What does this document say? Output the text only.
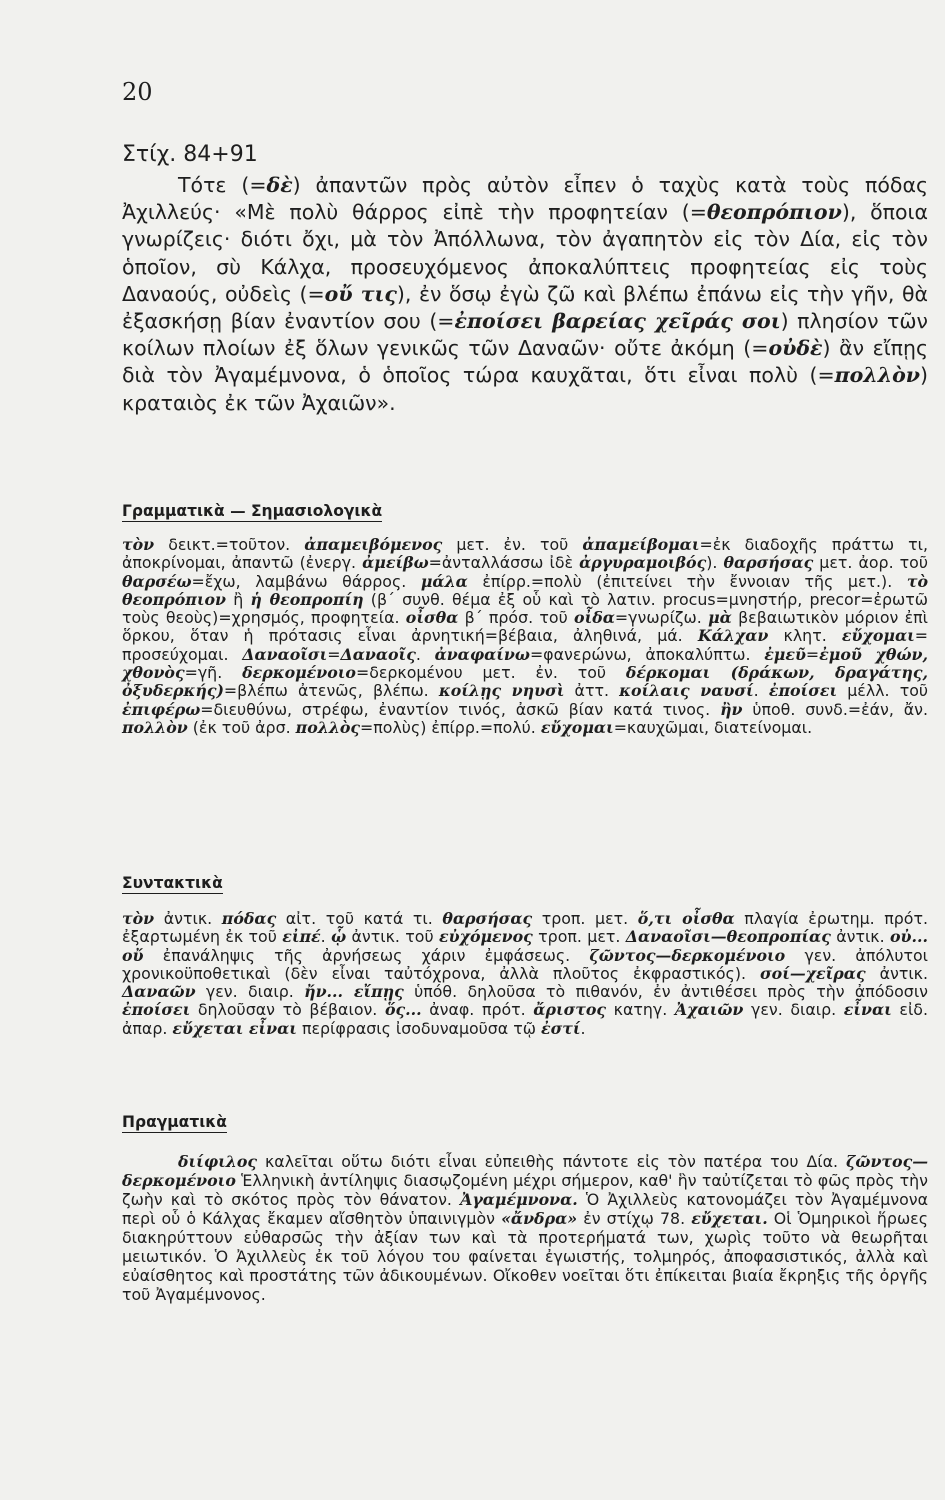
20
Στίχ. 84+91

Τότε (=δὲ) ἀπαντῶν πρὸς αὐτὸν εἶπεν ὁ ταχὺς κατὰ τοὺς πόδας Ἀχιλλεύς· «Μὲ πολὺ θάρρος εἰπὲ τὴν προφητείαν (=θεοπρόπιον), ὅποια γνωρίζεις· διότι ὄχι, μὰ τὸν Ἀπόλλωνα, τὸν ἀγαπητὸν εἰς τὸν Δία, εἰς τὸν ὁποῖον, σὺ Κάλχα, προσευχόμενος ἀποκαλύπτεις προφητείας εἰς τοὺς Δαναούς, οὐδεὶς (=οὔ τις), ἐν ὅσῳ ἐγὼ ζῶ καὶ βλέπω ἐπάνω εἰς τὴν γῆν, θὰ ἐξασκήσῃ βίαν ἐναντίον σου (=ἐποίσει βαρείας χεῖράς σοι) πλησίον τῶν κοίλων πλοίων ἐξ ὅλων γενικῶς τῶν Δαναῶν· οὔτε ἀκόμη (=οὐδὲ) ἂν εἴπῃς διὰ τὸν Ἀγαμέμνονα, ὁ ὁποῖος τώρα καυχᾶται, ὅτι εἶναι πολὺ (=πολλὸν) κραταιὸς ἐκ τῶν Ἀχαιῶν».

Γραμματικὰ — Σημασιολογικὰ

τὸν δεικτ.=τοῦτον. ἀπαμειβόμενος μετ. ἐν. τοῦ ἀπαμείβομαι=ἐκ διαδοχῆς πράττω τι, ἀποκρίνομαι, ἀπαντῶ (ἐνεργ. ἀμείβω=ἀνταλλάσσω ἰδὲ ἀργυραμοιβός). θαρσήσας μετ. ἀορ. τοῦ θαρσέω=ἔχω, λαμβάνω θάρρος. μάλα ἐπίρρ.=πολὺ (ἐπιτείνει τὴν ἔννοιαν τῆς μετ.). τὸ θεοπρόπιον ἢ ἡ θεοπροπίη (β΄ συνθ. θέμα ἐξ οὗ καὶ τὸ λατιν. procus=μνηστήρ, precor=ἐρωτῶ τοὺς θεοὺς)=χρησμός, προφητεία. οἶσθα β΄ πρόσ. τοῦ οἶδα=γνωρίζω. μὰ βεβαιωτικὸν μόριον ἐπὶ ὅρκου, ὅταν ἡ πρότασις εἶναι ἀρνητική=βέβαια, ἀληθινά, μά. Κάλχαν κλητ. εὔχομαι= προσεύχομαι. Δαναοῖσι=Δαναοῖς. ἀναφαίνω=φανερώνω, ἀποκαλύπτω. ἐμεῦ=ἐμοῦ χθών, χθονὸς=γῆ. δερκομένοιο=δερκομένου μετ. ἐν. τοῦ δέρκομαι (δράκων, δραγάτης, ὀξυδερκής)=βλέπω ἀτενῶς, βλέπω. κοίλῃς νηυσὶ ἀττ. κοίλαις ναυσί. ἐποίσει μέλλ. τοῦ ἐπιφέρω=διευθύνω, στρέφω, ἐναντίον τινός, ἀσκῶ βίαν κατά τινος. ἢν ὑποθ. συνδ.=ἐάν, ἄν. πολλὸν (ἐκ τοῦ ἀρσ. πολλὸς=πολὺς) ἐπίρρ.=πολύ. εὔχομαι=καυχῶμαι, διατείνομαι.

Συντακτικὰ

τὸν ἀντικ. πόδας αἰτ. τοῦ κατά τι. θαρσήσας τροπ. μετ. ὅ,τι οἶσθα πλαγία ἐρωτημ. πρότ. ἐξαρτωμένη ἐκ τοῦ εἰπέ. ᾧ ἀντικ. τοῦ εὐχόμενος τροπ. μετ. Δαναοῖσι—θεοπροπίας ἀντικ. οὐ... οὔ ἐπανάληψις τῆς ἀρνήσεως χάριν ἐμφάσεως. ζῶντος—δερκομένοιο γεν. ἀπόλυτοι χρονικοϋποθετικαὶ (δὲν εἶναι ταὐτόχρονα, ἀλλὰ πλοῦτος ἐκφραστικός). σοί—χεῖρας ἀντικ. Δαναῶν γεν. διαιρ. ἤν... εἴπῃς ὑπόθ. δηλοῦσα τὸ πιθανόν, ἐν ἀντιθέσει πρὸς τὴν ἀπόδοσιν ἐποίσει δηλοῦσαν τὸ βέβαιον. ὅς... ἀναφ. πρότ. ἄριστος κατηγ. Ἀχαιῶν γεν. διαιρ. εἶναι εἰδ. ἀπαρ. εὔχεται εἶναι περίφρασις ἰσοδυναμοῦσα τῷ ἐστί.

Πραγματικὰ

διίφιλος καλεῖται οὕτω διότι εἶναι εὐπειθὴς πάντοτε εἰς τὸν πατέρα του Δία. ζῶντος—δερκομένοιο Ἑλληνικὴ ἀντίληψις διασῳζομένη μέχρι σήμερον, καθ' ἣν ταὐτίζεται τὸ φῶς πρὸς τὴν ζωὴν καὶ τὸ σκότος πρὸς τὸν θάνατον. Ἀγαμέμνονα. Ὁ Ἀχιλλεὺς κατονομάζει τὸν Ἀγαμέμνονα περὶ οὗ ὁ Κάλχας ἔκαμεν αἴσθητὸν ὑπαινιγμὸν «ἄνδρα» ἐν στίχῳ 78. εὔχεται. Οἱ Ὁμηρικοὶ ἥρωες διακηρύττουν εὐθαρσῶς τὴν ἀξίαν των καὶ τὰ προτερήματά των, χωρὶς τοῦτο νὰ θεωρῆται μειωτικόν. Ὁ Ἀχιλλεὺς ἐκ τοῦ λόγου του φαίνεται ἐγωιστής, τολμηρός, ἀποφασιστικός, ἀλλὰ καὶ εὐαίσθητος καὶ προστάτης τῶν ἀδικουμένων. Οἴκοθεν νοεῖται ὅτι ἐπίκειται βιαία ἔκρηξις τῆς ὀργῆς τοῦ Ἀγαμέμνονος.
